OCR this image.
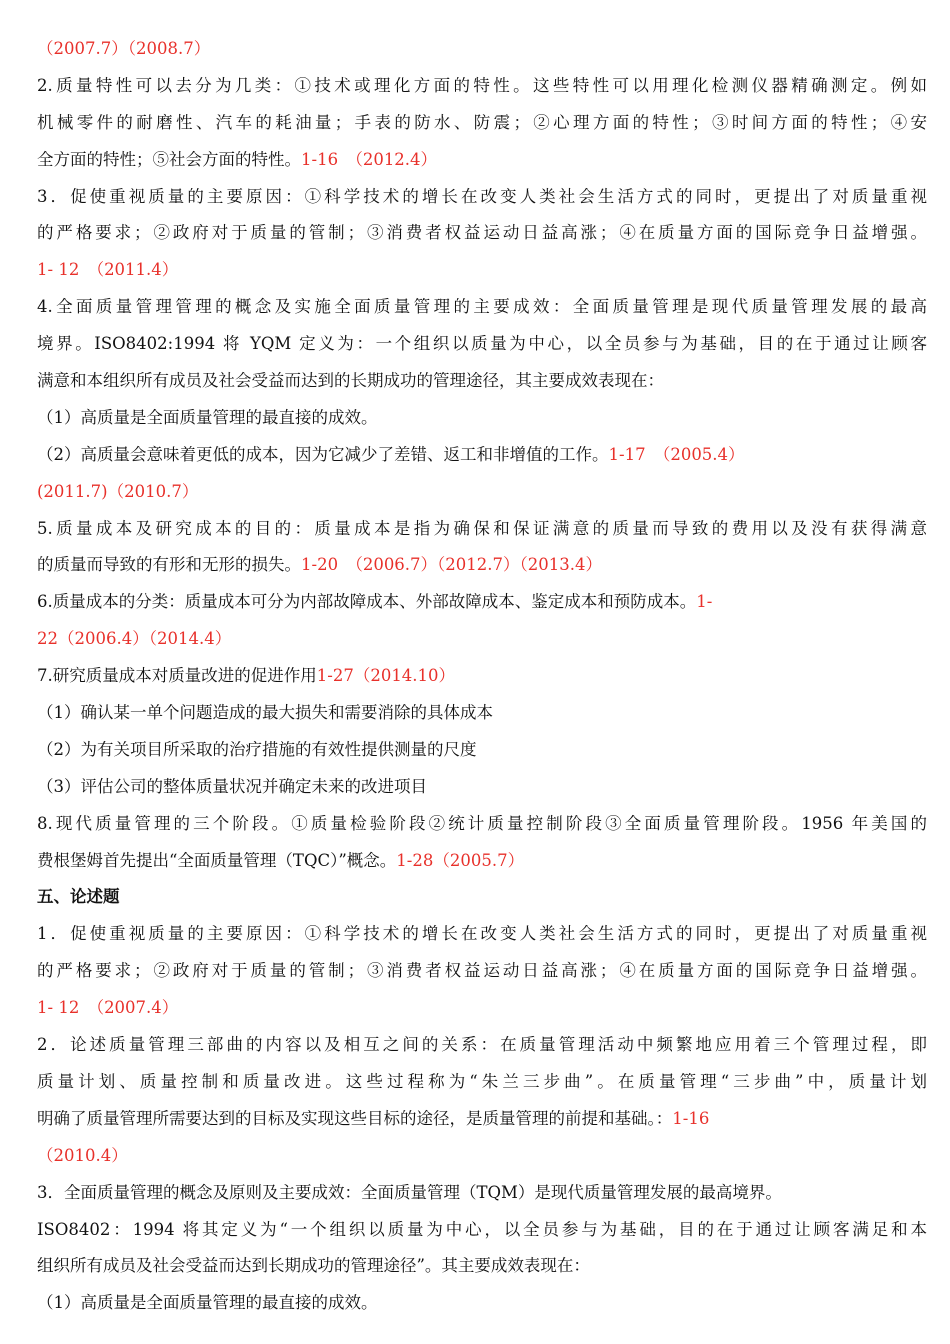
（2007.7）（2008.7）
2.质量特性可以去分为几类：①技术或理化方面的特性。这些特性可以用理化检测仪器精确测定。例如
机械零件的耐磨性、汽车的耗油量；手表的防水、防震；②心理方面的特性；③时间方面的特性；④安
全方面的特性；⑤社会方面的特性。1-16　（2012.4）
3．促使重视质量的主要原因：①科学技术的增长在改变人类社会生活方式的同时，更提出了对质量重视
的严格要求；②政府对于质量的管制；③消费者权益运动日益高涨；④在质量方面的国际竞争日益增强。
1- 12　（2011.4）
4.全面质量管理管理的概念及实施全面质量管理的主要成效：全面质量管理是现代质量管理发展的最高
境界。ISO8402:1994 将 YQM 定义为：一个组织以质量为中心，以全员参与为基础，目的在于通过让顾客
满意和本组织所有成员及社会受益而达到的长期成功的管理途径，其主要成效表现在：
（1）高质量是全面质量管理的最直接的成效。
（2）高质量会意味着更低的成本，因为它减少了差错、返工和非增值的工作。1-17　（2005.4）
(2011.7)（2010.7）
5.质量成本及研究成本的目的：质量成本是指为确保和保证满意的质量而导致的费用以及没有获得满意
的质量而导致的有形和无形的损失。1-20　（2006.7）（2012.7）（2013.4）
6.质量成本的分类：质量成本可分为内部故障成本、外部故障成本、鉴定成本和预防成本。1-
22（2006.4）（2014.4）
7.研究质量成本对质量改进的促进作用1-27（2014.10）
（1）确认某一单个问题造成的最大损失和需要消除的具体成本
（2）为有关项目所采取的治疗措施的有效性提供测量的尺度
（3）评估公司的整体质量状况并确定未来的改进项目
8.现代质量管理的三个阶段。①质量检验阶段②统计质量控制阶段③全面质量管理阶段。1956 年美国的
费根堡姆首先提出“全面质量管理（TQC）”概念。1-28（2005.7）
五、论述题
1．促使重视质量的主要原因：①科学技术的增长在改变人类社会生活方式的同时，更提出了对质量重视
的严格要求；②政府对于质量的管制；③消费者权益运动日益高涨；④在质量方面的国际竞争日益增强。
1- 12　（2007.4）
2．论述质量管理三部曲的内容以及相互之间的关系：在质量管理活动中频繁地应用着三个管理过程，即
质量计划、质量控制和质量改进。这些过程称为“朱兰三步曲”。在质量管理“三步曲”中，质量计划
明确了质量管理所需要达到的目标及实现这些目标的途径，是质量管理的前提和基础。：1-16
（2010.4）
3．全面质量管理的概念及原则及主要成效：全面质量管理（TQM）是现代质量管理发展的最高境界。
ISO8402：1994 将其定义为“一个组织以质量为中心，以全员参与为基础，目的在于通过让顾客满足和本
组织所有成员及社会受益而达到长期成功的管理途径”。其主要成效表现在：
（1）高质量是全面质量管理的最直接的成效。
